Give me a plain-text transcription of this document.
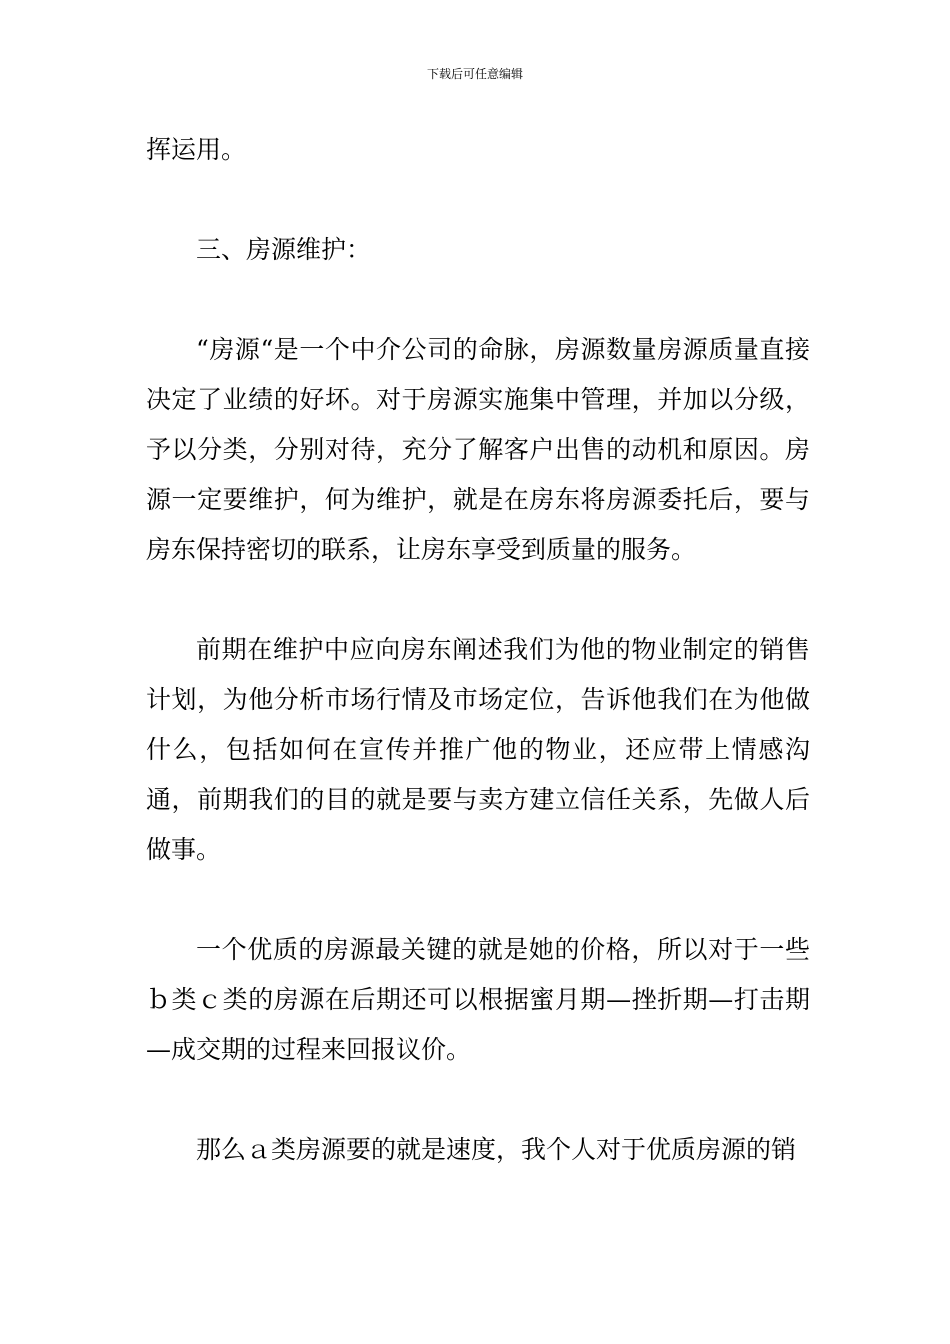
下载后可任意编辑

挥运用。

三、房源维护：

“房源“是一个中介公司的命脉，房源数量房源质量直接决定了业绩的好坏。对于房源实施集中管理，并加以分级，予以分类，分别对待，充分了解客户出售的动机和原因。房源一定要维护，何为维护，就是在房东将房源委托后，要与房东保持密切的联系，让房东享受到质量的服务。

前期在维护中应向房东阐述我们为他的物业制定的销售计划，为他分析市场行情及市场定位，告诉他我们在为他做什么，包括如何在宣传并推广他的物业，还应带上情感沟通，前期我们的目的就是要与卖方建立信任关系，先做人后做事。

一个优质的房源最关键的就是她的价格，所以对于一些ｂ类ｃ类的房源在后期还可以根据蜜月期—挫折期—打击期—成交期的过程来回报议价。

那么ａ类房源要的就是速度，我个人对于优质房源的销
